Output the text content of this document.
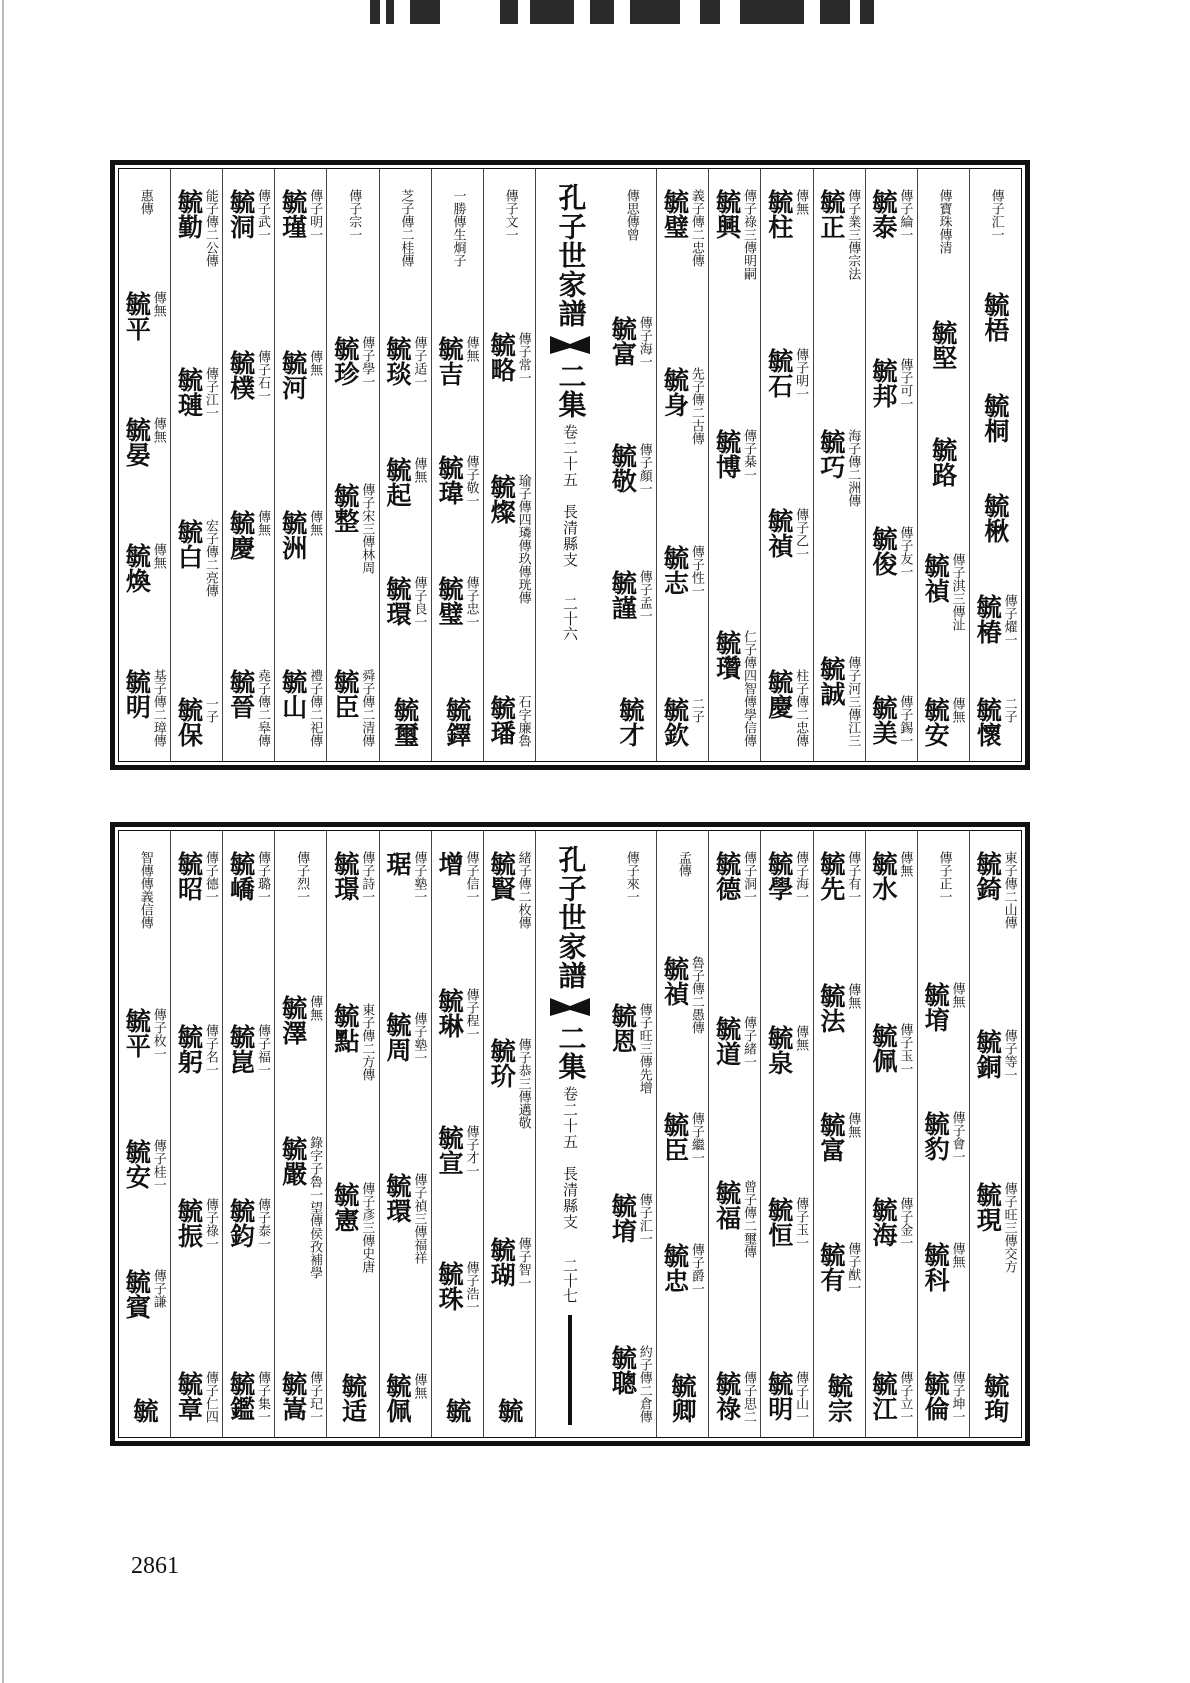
傳子汇一
毓梧
毓桐
毓楸
毓椿 傳子燿一
毓懷 二子
傳寶珠傳清
毓堅
毓路
毓禎 傳子淇三傳沚
毓安 傳無
毓泰 傳子綸一
毓邦 傳子可一
毓俊 傳子友一
毓美 傳子錫一
毓正 傳子業三傳宗法
毓巧 海子傳二洲傳
毓誠 傳子河三傳江三
毓柱 傳無
毓石 傳子明一
毓禎 傳子乙一
毓慶 柱子傳二忠傳
毓興 傳子祿三傳明嗣
毓博 傳子棊一
毓瓚 仁子傳四智傳學信傳
毓璧 義子傳二忠傳
毓身 先子傳二古傳
毓志 傳子性一
毓欽 二子
傳思傳曾
毓富 傳子海一
毓敬 傳子顏一
毓謹 傳子孟一
毓才
孔子世家譜
二集
卷二十五　長清縣支
二十六
傳子文一
毓略 傳子常一
毓燦 瑜子傳四璘傳玖傳珖傳
毓璠 石字廉魯
一勝傳生烱子
毓吉 傳無
毓瑋 傳子敬一
毓璧 傳子忠一
毓鐸
芝子傳二桂傳
毓琰 傳子适一
毓起 傳無
毓環 傳子良一
毓璽
傳子宗一
毓珍 傳子學一
毓整 傳子宋三傳林周
毓臣 舜子傳二清傳
毓瑾 傳子明一
毓河 傳無
毓洲 傳無
毓山 禮子傳二祀傳
毓洞 傳子武一
毓樸 傳子石一
毓慶 傳無
毓晉 堯子傳二皋傳
毓勤 能子傳二公傳
毓璉 傳子江一
毓白 宏子傳二亮傳
毓保 一子
惠傳
毓平 傳無
毓晏 傳無
毓煥 傳無
毓明 基子傳二璋傳
毓錡 東子傳二山傳
毓銅 傳子等一
毓現 傳子旺三傳交方
毓珣
傳子正一
毓堉 傳無
毓豹 傳子會一
毓科 傳無
毓倫 傳子坤一
毓水 傳無
毓佩 傳子玉一
毓海 傳子金一
毓江 傳子立一
毓先 傳子有一
毓法 傳無
毓富 傳無
毓有 傳子猷一
毓宗
毓學 傳子海一
毓泉 傳無
毓恒 傳子玉一
毓明 傳子山一
毓德 傳子洞一
毓道 傳子緒一
毓福 曾子傳二璽傳
毓祿 傳子思二
孟傳
毓禎 魯子傳二愚傳
毓臣 傳子繼一
毓忠 傳子爵一
毓卿
傳子來一
毓恩 傳子旺三傳先增
毓堉 傳子汇一
毓聰 約子傳二倉傳
孔子世家譜
二集
卷二十五　長清縣支
二十七
毓賢 緒子傳二枚傳
毓玠 傳子恭三傳邁敬
毓瑚 傳子智一
毓
增 傳子信一
毓琳 傳子程一
毓宣 傳子才一
毓珠 傳子浩一
毓
琚 傳子塾一
毓周 傳子塾一
毓環 傳子禎三傳福祥
毓佩 傳無
毓璟 傳子詩一
毓點 東子傳二方傳
毓憲 傳子彥三傳史唐
毓适
傳子烈一
毓澤 傳無
毓嚴 錄字子魯一望傳侯孜補學
毓嵩 傳子玘一
毓嶠 傳子璐一
毓崑 傳子福一
毓鈞 傳子泰一
毓鑑 傳子集一
毓昭 傳子德一
毓躬 傳子名一
毓振 傳子祿一
毓章 傳子仁四
智傳傳義信傳
毓平 傳子枚一
毓安 傳子桂一
毓賓 傳子謙
毓
2861
